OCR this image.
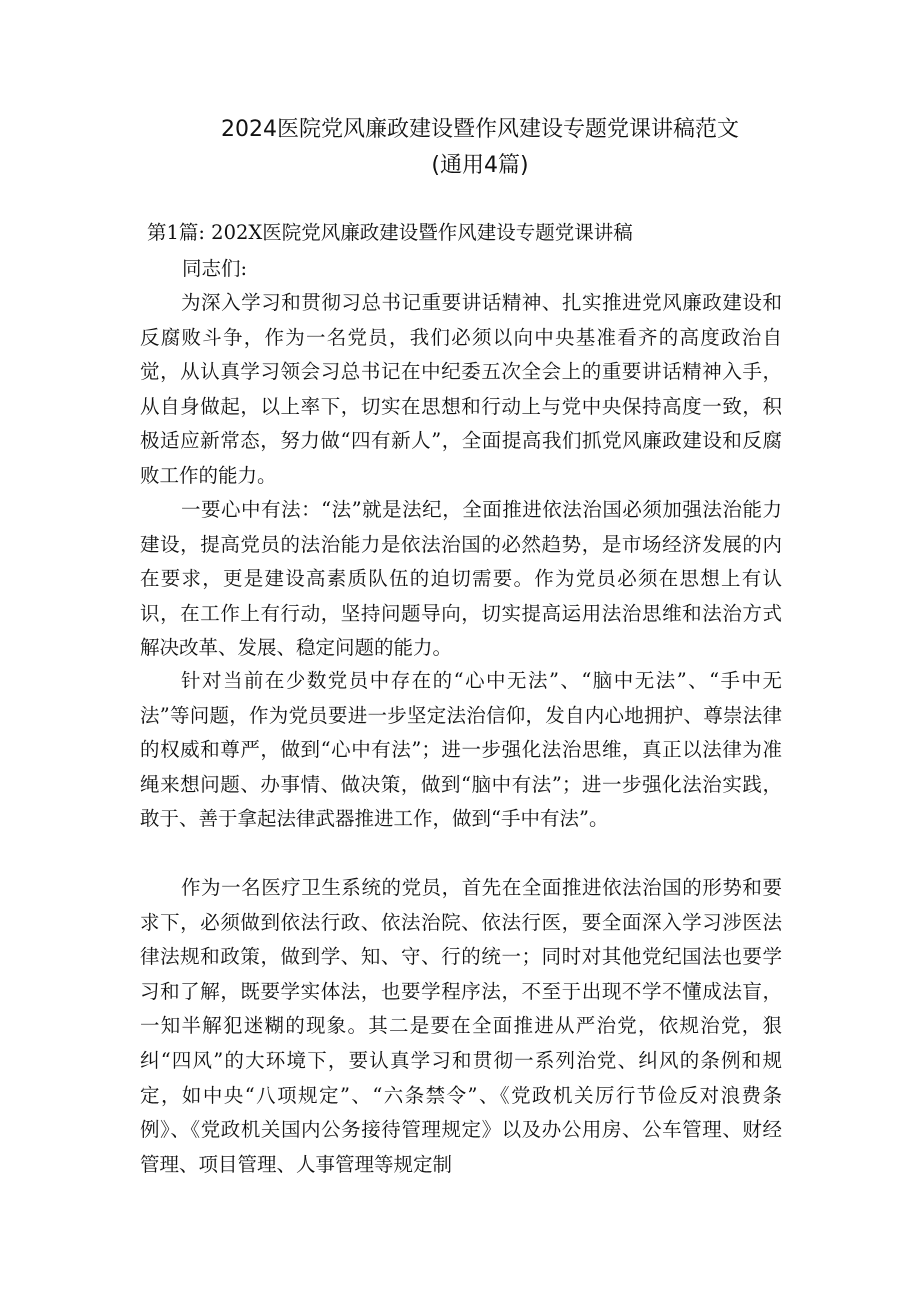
2024医院党风廉政建设暨作风建设专题党课讲稿范文
(通用4篇)

第1篇: 202X医院党风廉政建设暨作风建设专题党课讲稿

同志们:

为深入学习和贯彻习总书记重要讲话精神、扎实推进党风廉政建设和反腐败斗争，作为一名党员，我们必须以向中央基准看齐的高度政治自觉，从认真学习领会习总书记在中纪委五次全会上的重要讲话精神入手，从自身做起，以上率下，切实在思想和行动上与党中央保持高度一致，积极适应新常态，努力做“四有新人”，全面提高我们抓党风廉政建设和反腐败工作的能力。

一要心中有法：“法”就是法纪，全面推进依法治国必须加强法治能力建设，提高党员的法治能力是依法治国的必然趋势，是市场经济发展的内在要求，更是建设高素质队伍的迫切需要。作为党员必须在思想上有认识，在工作上有行动，坚持问题导向，切实提高运用法治思维和法治方式解决改革、发展、稳定问题的能力。

针对当前在少数党员中存在的“心中无法”、“脑中无法”、“手中无法”等问题，作为党员要进一步坚定法治信仰，发自内心地拥护、尊崇法律的权威和尊严，做到“心中有法”；进一步强化法治思维，真正以法律为准绳来想问题、办事情、做决策，做到“脑中有法”；进一步强化法治实践，敢于、善于拿起法律武器推进工作，做到“手中有法”。

作为一名医疗卫生系统的党员，首先在全面推进依法治国的形势和要求下，必须做到依法行政、依法治院、依法行医，要全面深入学习涉医法律法规和政策，做到学、知、守、行的统一；同时对其他党纪国法也要学习和了解，既要学实体法，也要学程序法，不至于出现不学不懂成法盲，一知半解犯迷糊的现象。其二是要在全面推进从严治党，依规治党，狠纠“四风”的大环境下，要认真学习和贯彻一系列治党、纠风的条例和规定，如中央“八项规定”、“六条禁令”、《党政机关厉行节俭反对浪费条例》、《党政机关国内公务接待管理规定》以及办公用房、公车管理、财经管理、项目管理、人事管理等规定制
